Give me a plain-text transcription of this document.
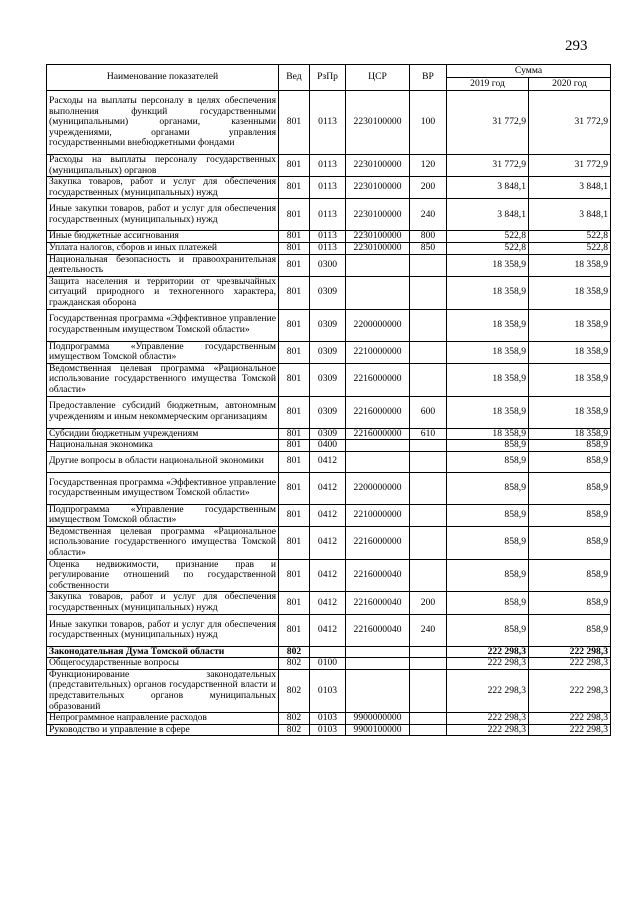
293
Наименование показателей	Вед	РзПр	ЦСР	ВР	Сумма	
					2019 год	2020 год
Расходы на выплаты персоналу в целях обеспечения выполнения функций государственными (муниципальными) органами, казенными учреждениями, органами управления государственными внебюджетными фондами	801	0113	2230100000	100	31 772,9	31 772,9
Расходы на выплаты персоналу государственных (муниципальных) органов	801	0113	2230100000	120	31 772,9	31 772,9
Закупка товаров, работ и услуг для обеспечения государственных (муниципальных) нужд	801	0113	2230100000	200	3 848,1	3 848,1
Иные закупки товаров, работ и услуг для обеспечения государственных (муниципальных) нужд	801	0113	2230100000	240	3 848,1	3 848,1
Иные бюджетные ассигнования	801	0113	2230100000	800	522,8	522,8
Уплата налогов, сборов и иных платежей	801	0113	2230100000	850	522,8	522,8
Национальная безопасность и правоохранительная деятельность	801	0300			18 358,9	18 358,9
Защита населения и территории от чрезвычайных ситуаций природного и техногенного характера, гражданская оборона	801	0309			18 358,9	18 358,9
Государственная программа «Эффективное управление государственным имуществом Томской области»	801	0309	2200000000		18 358,9	18 358,9
Подпрограмма «Управление государственным имуществом Томской области»	801	0309	2210000000		18 358,9	18 358,9
Ведомственная целевая программа «Рациональное использование государственного имущества Томской области»	801	0309	2216000000		18 358,9	18 358,9
Предоставление субсидий бюджетным, автономным учреждениям и иным некоммерческим организациям	801	0309	2216000000	600	18 358,9	18 358,9
Субсидии бюджетным учреждениям	801	0309	2216000000	610	18 358,9	18 358,9
Национальная экономика	801	0400			858,9	858,9
Другие вопросы в области национальной экономики	801	0412			858,9	858,9
Государственная программа «Эффективное управление государственным имуществом Томской области»	801	0412	2200000000		858,9	858,9
Подпрограмма «Управление государственным имуществом Томской области»	801	0412	2210000000		858,9	858,9
Ведомственная целевая программа «Рациональное использование государственного имущества Томской области»	801	0412	2216000000		858,9	858,9
Оценка недвижимости, признание прав и регулирование отношений по государственной собственности	801	0412	2216000040		858,9	858,9
Закупка товаров, работ и услуг для обеспечения государственных (муниципальных) нужд	801	0412	2216000040	200	858,9	858,9
Иные закупки товаров, работ и услуг для обеспечения государственных (муниципальных) нужд	801	0412	2216000040	240	858,9	858,9
Законодательная Дума Томской области	802				222 298,3	222 298,3
Общегосударственные вопросы	802	0100			222 298,3	222 298,3
Функционирование законодательных (представительных) органов государственной власти и представительных органов муниципальных образований	802	0103			222 298,3	222 298,3
Непрограммное направление расходов	802	0103	9900000000		222 298,3	222 298,3
Руководство и управление в сфере	802	0103	9900100000		222 298,3	222 298,3
